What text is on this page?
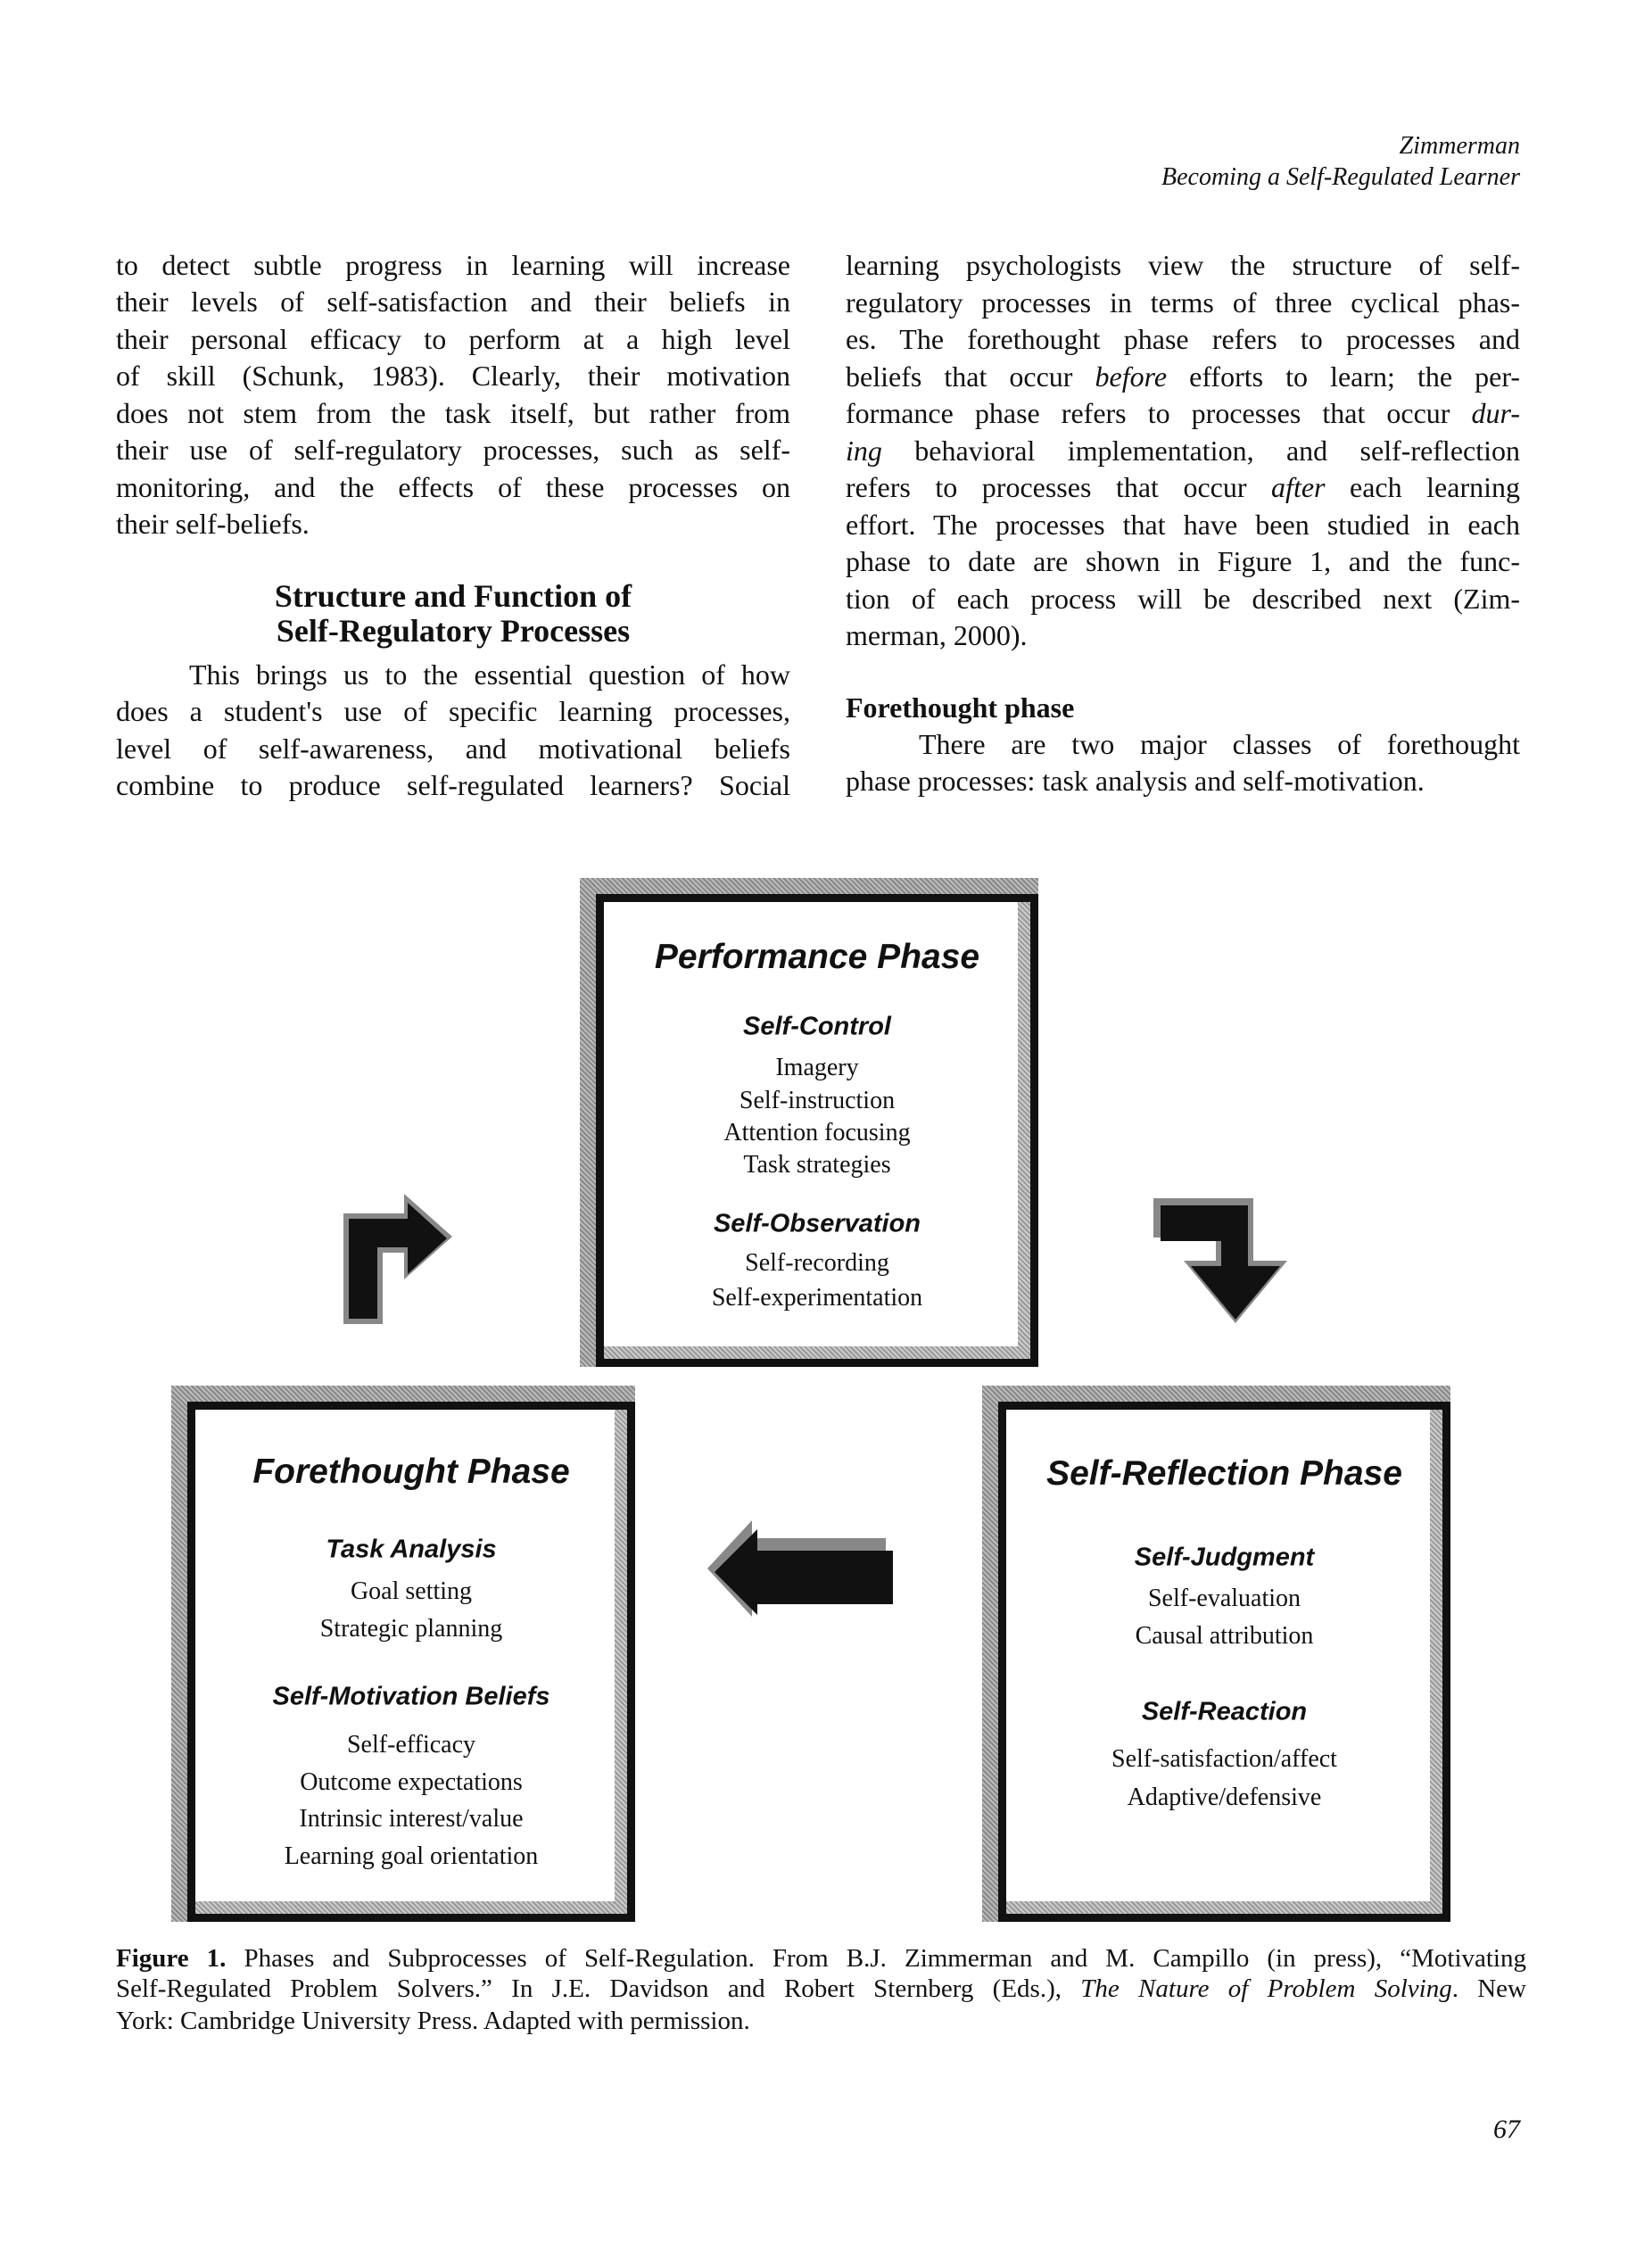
Zimmerman
Becoming a Self-Regulated Learner
to detect subtle progress in learning will increase
their levels of self-satisfaction and their beliefs in
their personal efficacy to perform at a high level
of skill (Schunk, 1983). Clearly, their motivation
does not stem from the task itself, but rather from
their use of self-regulatory processes, such as self-
monitoring, and the effects of these processes on
their self-beliefs.
Structure and Function of
Self-Regulatory Processes
This brings us to the essential question of how
does a student's use of specific learning processes,
level of self-awareness, and motivational beliefs
combine to produce self-regulated learners? Social
learning psychologists view the structure of self-
regulatory processes in terms of three cyclical phas-
es. The forethought phase refers to processes and
beliefs that occur before efforts to learn; the per-
formance phase refers to processes that occur dur-
ing behavioral implementation, and self-reflection
refers to processes that occur after each learning
effort. The processes that have been studied in each
phase to date are shown in Figure 1, and the func-
tion of each process will be described next (Zim-
merman, 2000).
Forethought phase
There are two major classes of forethought
phase processes: task analysis and self-motivation.
Performance Phase
Self-Control
Imagery
Self-instruction
Attention focusing
Task strategies
Self-Observation
Self-recording
Self-experimentation
Forethought Phase
Task Analysis
Goal setting
Strategic planning
Self-Motivation Beliefs
Self-efficacy
Outcome expectations
Intrinsic interest/value
Learning goal orientation
Self-Reflection Phase
Self-Judgment
Self-evaluation
Causal attribution
Self-Reaction
Self-satisfaction/affect
Adaptive/defensive
Figure 1. Phases and Subprocesses of Self-Regulation. From B.J. Zimmerman and M. Campillo (in press), “Motivating
Self-Regulated Problem Solvers.” In J.E. Davidson and Robert Sternberg (Eds.), The Nature of Problem Solving. New
York: Cambridge University Press. Adapted with permission.
67
